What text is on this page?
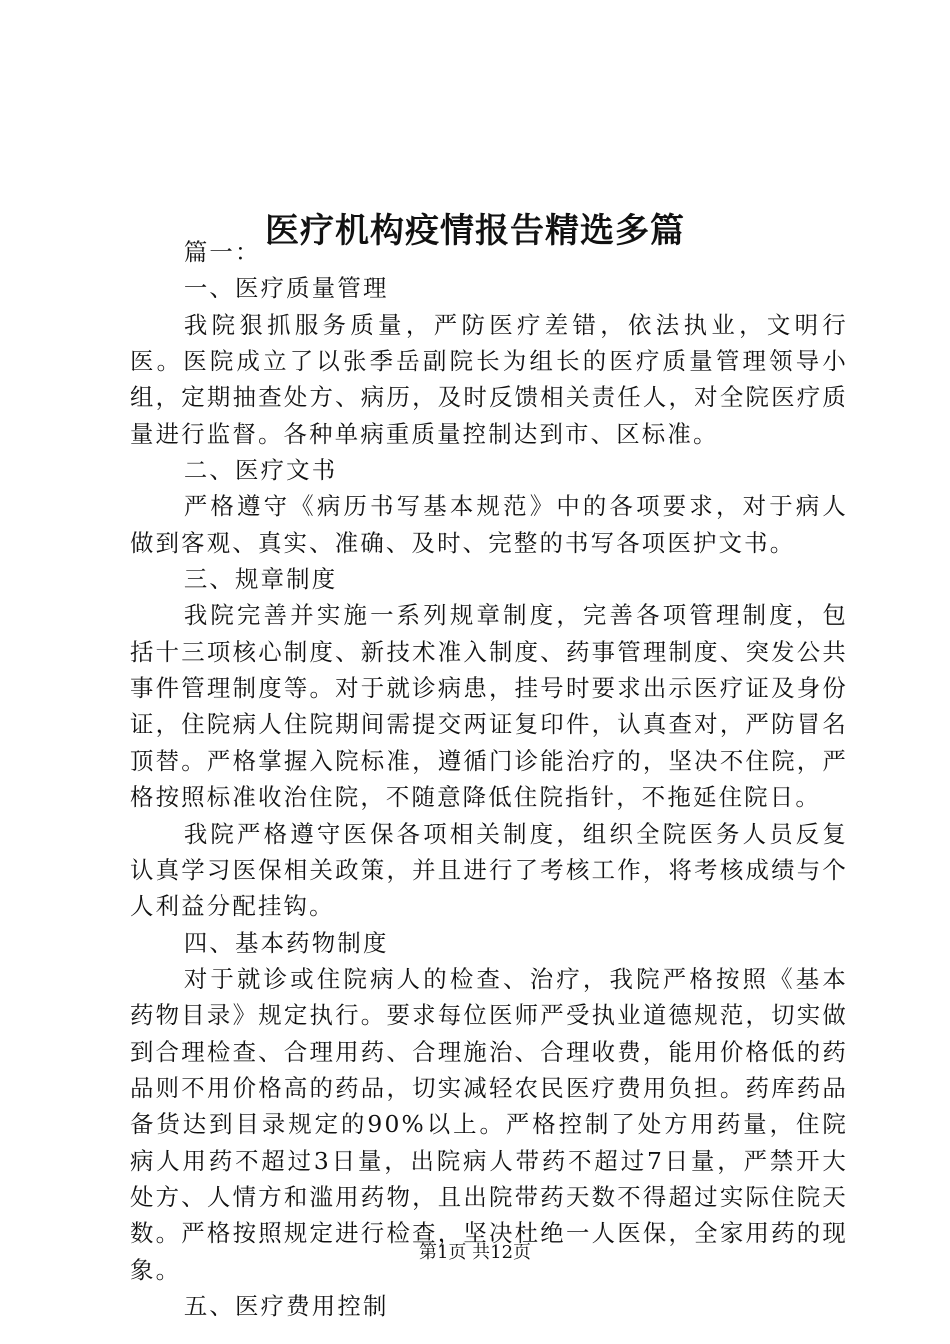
医疗机构疫情报告精选多篇

篇一：

一、医疗质量管理

我院狠抓服务质量，严防医疗差错，依法执业，文明行医。医院成立了以张季岳副院长为组长的医疗质量管理领导小组，定期抽查处方、病历，及时反馈相关责任人，对全院医疗质量进行监督。各种单病重质量控制达到市、区标准。

二、医疗文书

严格遵守《病历书写基本规范》中的各项要求，对于病人做到客观、真实、准确、及时、完整的书写各项医护文书。

三、规章制度

我院完善并实施一系列规章制度，完善各项管理制度，包括十三项核心制度、新技术准入制度、药事管理制度、突发公共事件管理制度等。对于就诊病患，挂号时要求出示医疗证及身份证，住院病人住院期间需提交两证复印件，认真查对，严防冒名顶替。严格掌握入院标准，遵循门诊能治疗的，坚决不住院，严格按照标准收治住院，不随意降低住院指针，不拖延住院日。

我院严格遵守医保各项相关制度，组织全院医务人员反复认真学习医保相关政策，并且进行了考核工作，将考核成绩与个人利益分配挂钩。

四、基本药物制度

对于就诊或住院病人的检查、治疗，我院严格按照《基本药物目录》规定执行。要求每位医师严受执业道德规范，切实做到合理检查、合理用药、合理施治、合理收费，能用价格低的药品则不用价格高的药品，切实减轻农民医疗费用负担。药库药品备货达到目录规定的90%以上。严格控制了处方用药量，住院病人用药不超过3日量，出院病人带药不超过7日量，严禁开大处方、人情方和滥用药物，且出院带药天数不得超过实际住院天数。严格按照规定进行检查，坚决杜绝一人医保，全家用药的现象。

五、医疗费用控制

第1页 共12页
